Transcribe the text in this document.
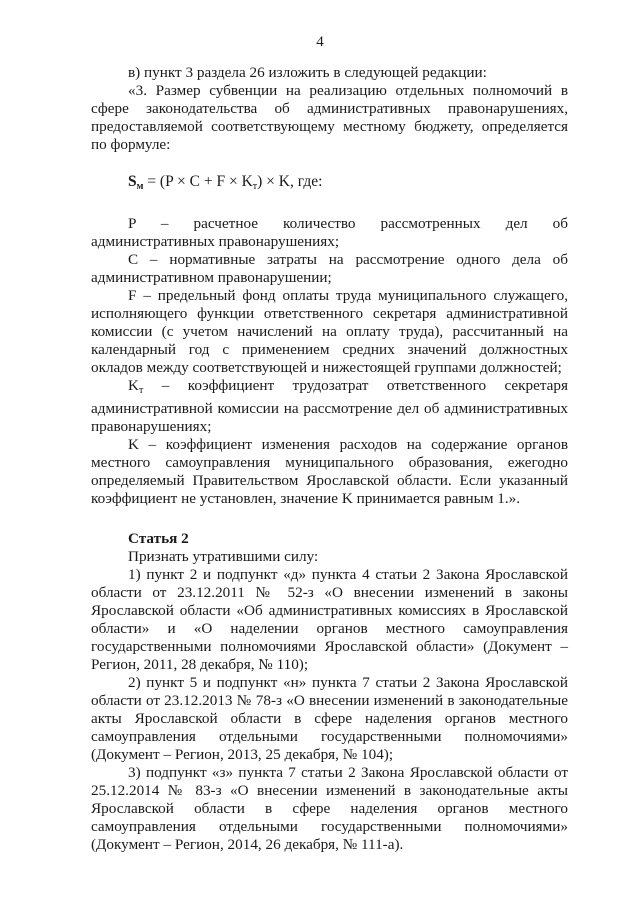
4

в) пункт 3 раздела 26 изложить в следующей редакции:

«3. Размер субвенции на реализацию отдельных полномочий в сфере законодательства об административных правонарушениях, предоставляемой соответствующему местному бюджету, определяется по формуле:

$S_м = (P \times C + F \times K_т) \times K$, где:

P – расчетное количество рассмотренных дел об административных правонарушениях;

C – нормативные затраты на рассмотрение одного дела об административном правонарушении;

F – предельный фонд оплаты труда муниципального служащего, исполняющего функции ответственного секретаря административной комиссии (с учетом начислений на оплату труда), рассчитанный на календарный год с применением средних значений должностных окладов между соответствующей и нижестоящей группами должностей;

$K_т$ – коэффициент трудозатрат ответственного секретаря административной комиссии на рассмотрение дел об административных правонарушениях;

K – коэффициент изменения расходов на содержание органов местного самоуправления муниципального образования, ежегодно определяемый Правительством Ярославской области. Если указанный коэффициент не установлен, значение K принимается равным 1.».

Статья 2

Признать утратившими силу:

1) пункт 2 и подпункт «д» пункта 4 статьи 2 Закона Ярославской области от 23.12.2011 № 52-з «О внесении изменений в законы Ярославской области «Об административных комиссиях в Ярославской области» и «О наделении органов местного самоуправления государственными полномочиями Ярославской области» (Документ – Регион, 2011, 28 декабря, № 110);

2) пункт 5 и подпункт «н» пункта 7 статьи 2 Закона Ярославской области от 23.12.2013 № 78-з «О внесении изменений в законодательные акты Ярославской области в сфере наделения органов местного самоуправления отдельными государственными полномочиями» (Документ – Регион, 2013, 25 декабря, № 104);

3) подпункт «з» пункта 7 статьи 2 Закона Ярославской области от 25.12.2014 № 83-з «О внесении изменений в законодательные акты Ярославской области в сфере наделения органов местного самоуправления отдельными государственными полномочиями» (Документ – Регион, 2014, 26 декабря, № 111-а).
